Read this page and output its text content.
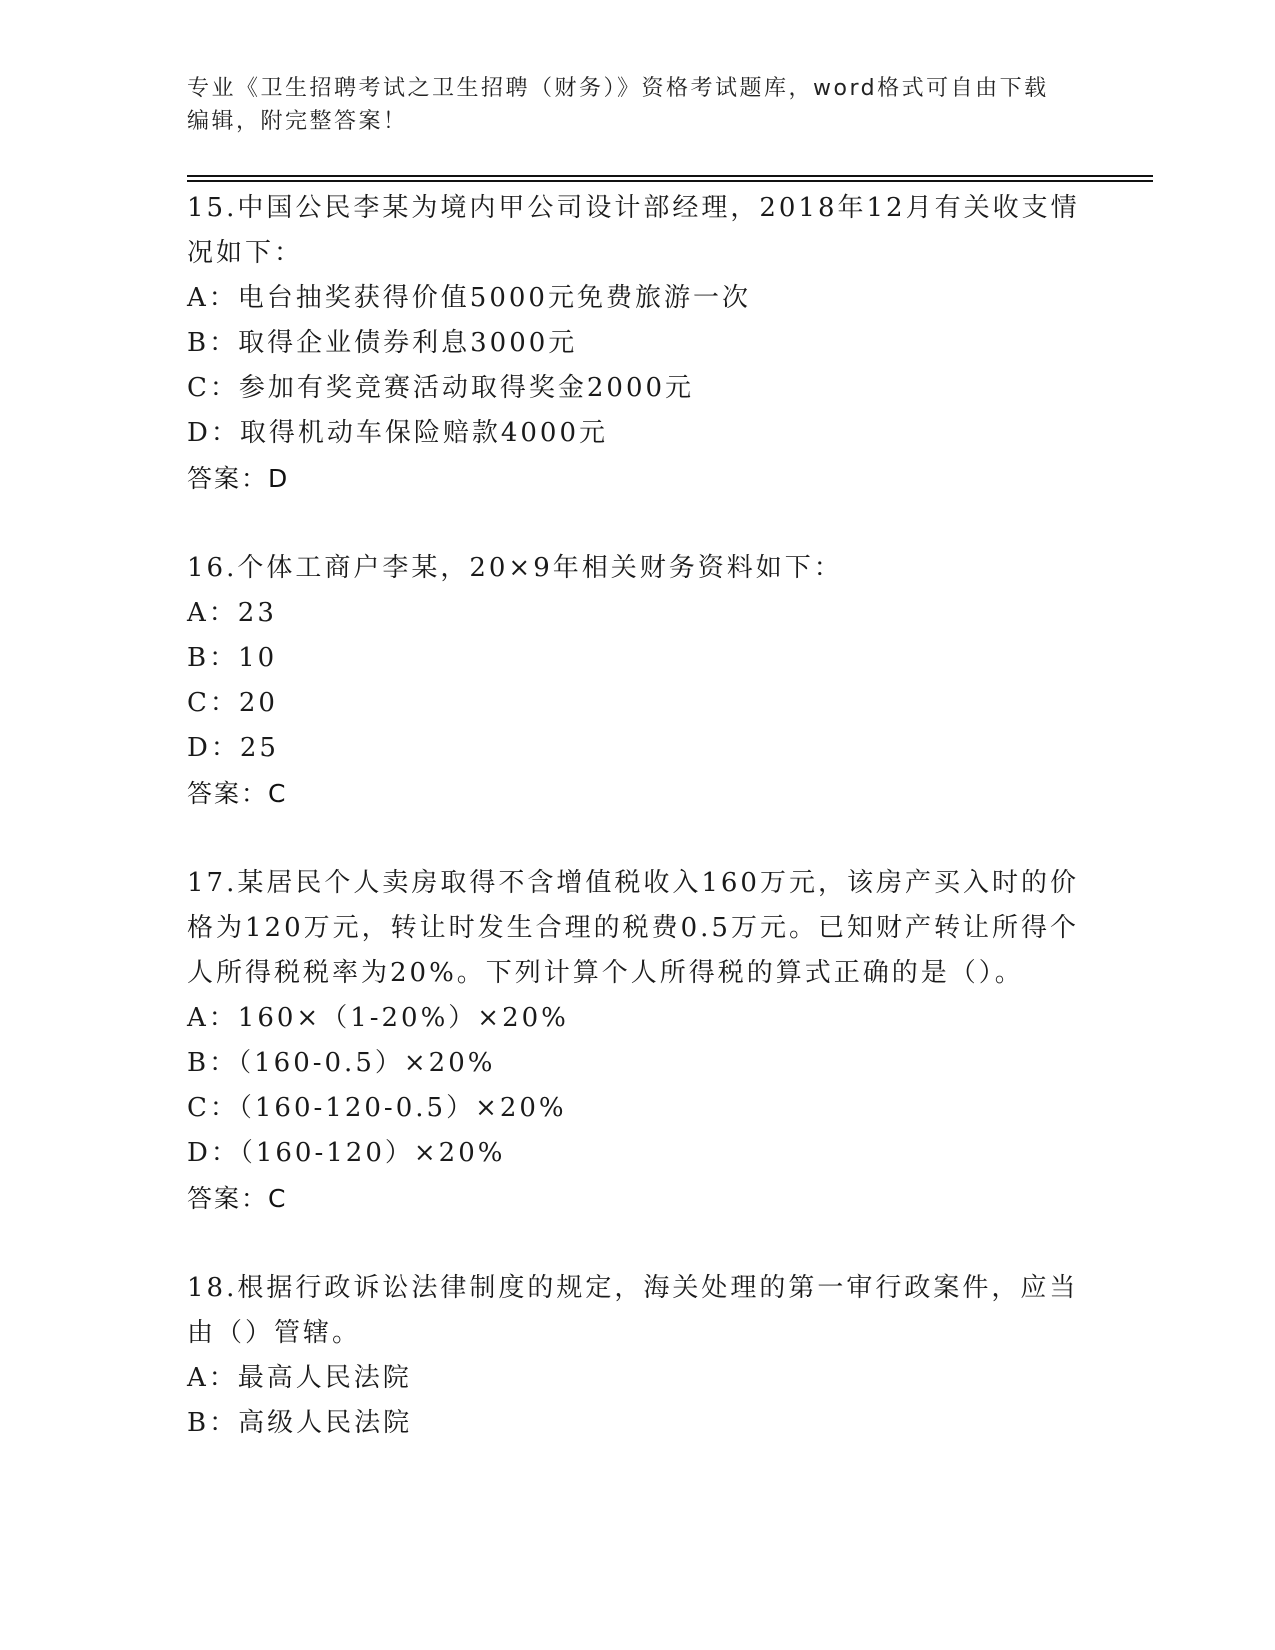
专业《卫生招聘考试之卫生招聘（财务）》资格考试题库，word格式可自由下载
编辑，附完整答案！
15.中国公民李某为境内甲公司设计部经理，2018年12月有关收支情况如下：
A：电台抽奖获得价值5000元免费旅游一次
B：取得企业债券利息3000元
C：参加有奖竞赛活动取得奖金2000元
D：取得机动车保险赔款4000元
答案：D
16.个体工商户李某，20×9年相关财务资料如下：
A：23
B：10
C：20
D：25
答案：C
17.某居民个人卖房取得不含增值税收入160万元，该房产买入时的价格为120万元，转让时发生合理的税费0.5万元。已知财产转让所得个人所得税税率为20%。下列计算个人所得税的算式正确的是（）。
A：160×（1-20%）×20%
B：（160-0.5）×20%
C：（160-120-0.5）×20%
D：（160-120）×20%
答案：C
18.根据行政诉讼法律制度的规定，海关处理的第一审行政案件，应当由（）管辖。
A：最高人民法院
B：高级人民法院
